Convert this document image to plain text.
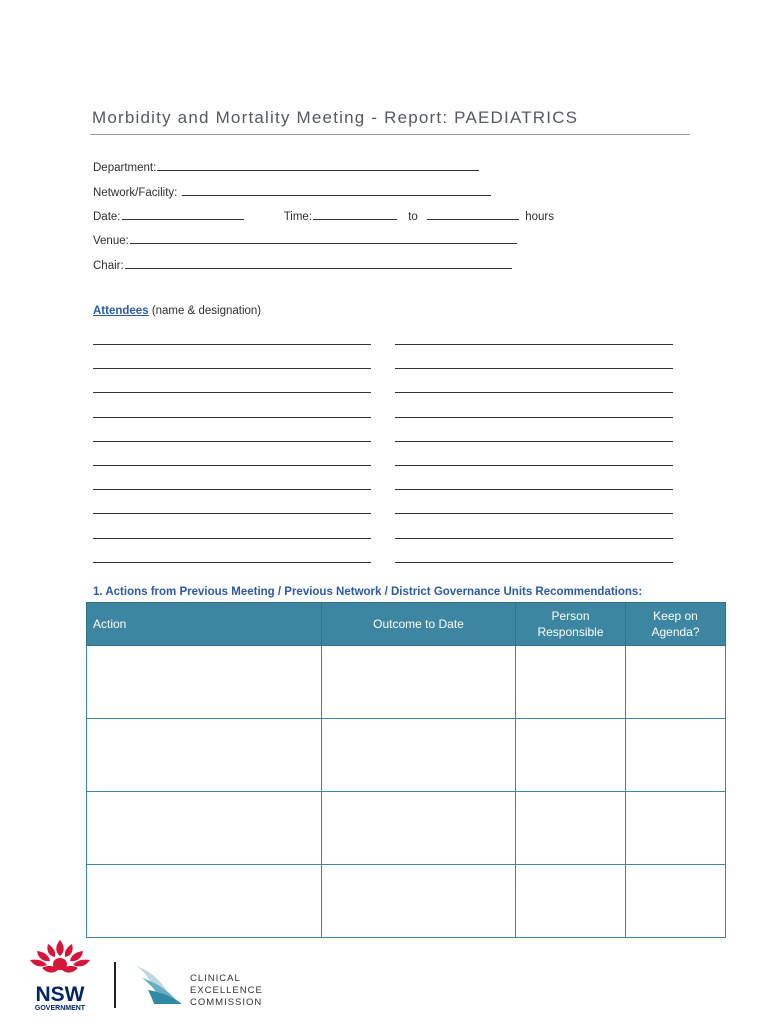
Morbidity and Mortality Meeting - Report: PAEDIATRICS
Department:
Network/Facility:
Date:	Time:	to	hours
Venue:
Chair:
Attendees (name & designation)
1. Actions from Previous Meeting / Previous Network / District Governance Units Recommendations:
Action	Outcome to Date	Person Responsible	Keep on Agenda?

NSW
GOVERNMENT
CLINICAL
EXCELLENCE
COMMISSION
